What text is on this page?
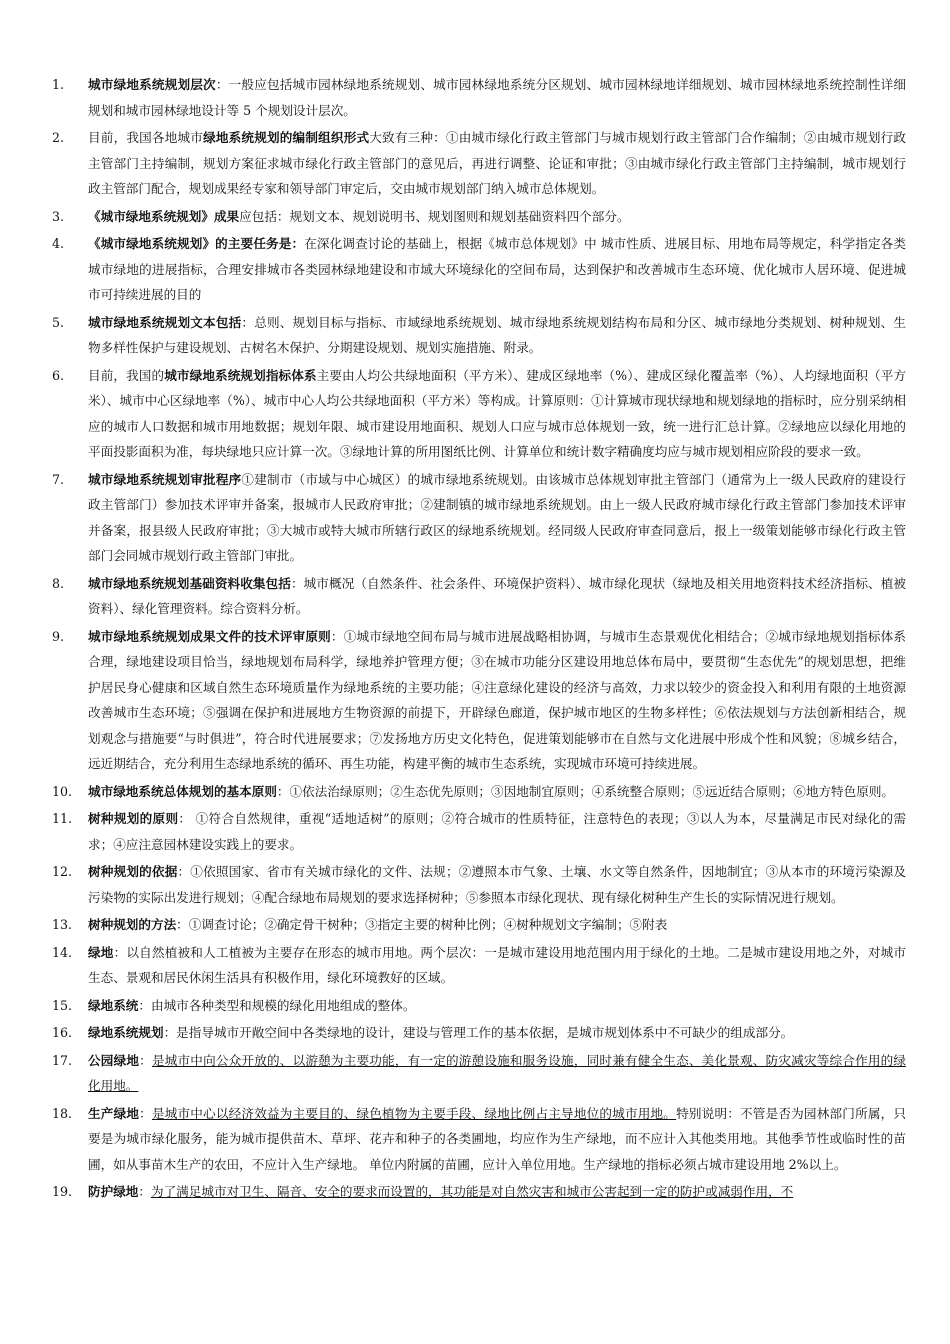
1.	城市绿地系统规划层次：一般应包括城市园林绿地系统规划、城市园林绿地系统分区规划、城市园林绿地详细规划、城市园林绿地系统控制性详细规划和城市园林绿地设计等 5 个规划设计层次。
2.	目前，我国各地城市绿地系统规划的编制组织形式大致有三种：①由城市绿化行政主管部门与城市规划行政主管部门合作编制；②由城市规划行政主管部门主持编制，规划方案征求城市绿化行政主管部门的意见后，再进行调整、论证和审批；③由城市绿化行政主管部门主持编制，城市规划行政主管部门配合，规划成果经专家和领导部门审定后，交由城市规划部门纳入城市总体规划。
3.	《城市绿地系统规划》成果应包括：规划文本、规划说明书、规划图则和规划基础资料四个部分。
4.	《城市绿地系统规划》的主要任务是：在深化调查讨论的基础上，根据《城市总体规划》中 城市性质、进展目标、用地布局等规定，科学指定各类城市绿地的进展指标，合理安排城市各类园林绿地建设和市域大环境绿化的空间布局，达到保护和改善城市生态环境、优化城市人居环境、促进城市可持续进展的目的
5.	城市绿地系统规划文本包括：总则、规划目标与指标、市域绿地系统规划、城市绿地系统规划结构布局和分区、城市绿地分类规划、树种规划、生物多样性保护与建设规划、古树名木保护、分期建设规划、规划实施措施、附录。
6.	目前，我国的城市绿地系统规划指标体系主要由人均公共绿地面积（平方米）、建成区绿地率（%）、建成区绿化覆盖率（%）、人均绿地面积（平方米）、城市中心区绿地率（%）、城市中心人均公共绿地面积（平方米）等构成。计算原则：①计算城市现状绿地和规划绿地的指标时，应分别采纳相应的城市人口数据和城市用地数据；规划年限、城市建设用地面积、规划人口应与城市总体规划一致，统一进行汇总计算。②绿地应以绿化用地的平面投影面积为准，每块绿地只应计算一次。③绿地计算的所用图纸比例、计算单位和统计数字精确度均应与城市规划相应阶段的要求一致。
7.	城市绿地系统规划审批程序①建制市（市域与中心城区）的城市绿地系统规划。由该城市总体规划审批主管部门（通常为上一级人民政府的建设行政主管部门）参加技术评审并备案，报城市人民政府审批；②建制镇的城市绿地系统规划。由上一级人民政府城市绿化行政主管部门参加技术评审并备案，报县级人民政府审批；③大城市或特大城市所辖行政区的绿地系统规划。经同级人民政府审查同意后，报上一级策划能够市绿化行政主管部门会同城市规划行政主管部门审批。
8.	城市绿地系统规划基础资料收集包括：城市概况（自然条件、社会条件、环境保护资料）、城市绿化现状（绿地及相关用地资料技术经济指标、植被资料）、绿化管理资料。综合资料分析。
9.	城市绿地系统规划成果文件的技术评审原则：①城市绿地空间布局与城市进展战略相协调，与城市生态景观优化相结合；②城市绿地规划指标体系合理，绿地建设项目恰当，绿地规划布局科学，绿地养护管理方便；③在城市功能分区建设用地总体布局中，要贯彻“生态优先”的规划思想，把维护居民身心健康和区域自然生态环境质量作为绿地系统的主要功能；④注意绿化建设的经济与高效，力求以较少的资金投入和利用有限的土地资源改善城市生态环境；⑤强调在保护和进展地方生物资源的前提下，开辟绿色廊道，保护城市地区的生物多样性；⑥依法规划与方法创新相结合，规划观念与措施要“与时俱进”，符合时代进展要求；⑦发扬地方历史文化特色，促进策划能够市在自然与文化进展中形成个性和风貌；⑧城乡结合，远近期结合，充分利用生态绿地系统的循环、再生功能，构建平衡的城市生态系统，实现城市环境可持续进展。
10.	城市绿地系统总体规划的基本原则：①依法治绿原则；②生态优先原则；③因地制宜原则；④系统整合原则；⑤远近结合原则；⑥地方特色原则。
11.	树种规划的原则： ①符合自然规律，重视“适地适树”的原则；②符合城市的性质特征，注意特色的表现；③以人为本，尽量满足市民对绿化的需求；④应注意园林建设实践上的要求。
12.	树种规划的依据：①依照国家、省市有关城市绿化的文件、法规；②遵照本市气象、土壤、水文等自然条件，因地制宜；③从本市的环境污染源及污染物的实际出发进行规划；④配合绿地布局规划的要求选择树种；⑤参照本市绿化现状、现有绿化树种生产生长的实际情况进行规划。
13.	树种规划的方法：①调查讨论；②确定骨干树种；③指定主要的树种比例；④树种规划文字编制；⑤附表
14.	绿地：以自然植被和人工植被为主要存在形态的城市用地。两个层次：一是城市建设用地范围内用于绿化的土地。二是城市建设用地之外，对城市生态、景观和居民休闲生活具有积极作用，绿化环境教好的区域。
15.	绿地系统：由城市各种类型和规模的绿化用地组成的整体。
16.	绿地系统规划：是指导城市开敞空间中各类绿地的设计，建设与管理工作的基本依据，是城市规划体系中不可缺少的组成部分。
17.	公园绿地：是城市中向公众开放的、以游憩为主要功能，有一定的游憩设施和服务设施，同时兼有健全生态、美化景观、防灾减灾等综合作用的绿化用地。
18.	生产绿地：是城市中心以经济效益为主要目的、绿色植物为主要手段、绿地比例占主导地位的城市用地。特别说明：不管是否为园林部门所属，只要是为城市绿化服务，能为城市提供苗木、草坪、花卉和种子的各类圃地，均应作为生产绿地，而不应计入其他类用地。其他季节性或临时性的苗圃，如从事苗木生产的农田，不应计入生产绿地。 单位内附属的苗圃，应计入单位用地。生产绿地的指标必须占城市建设用地 2%以上。
19.	防护绿地：为了满足城市对卫生、隔音、安全的要求而设置的，其功能是对自然灾害和城市公害起到一定的防护或减弱作用，不
